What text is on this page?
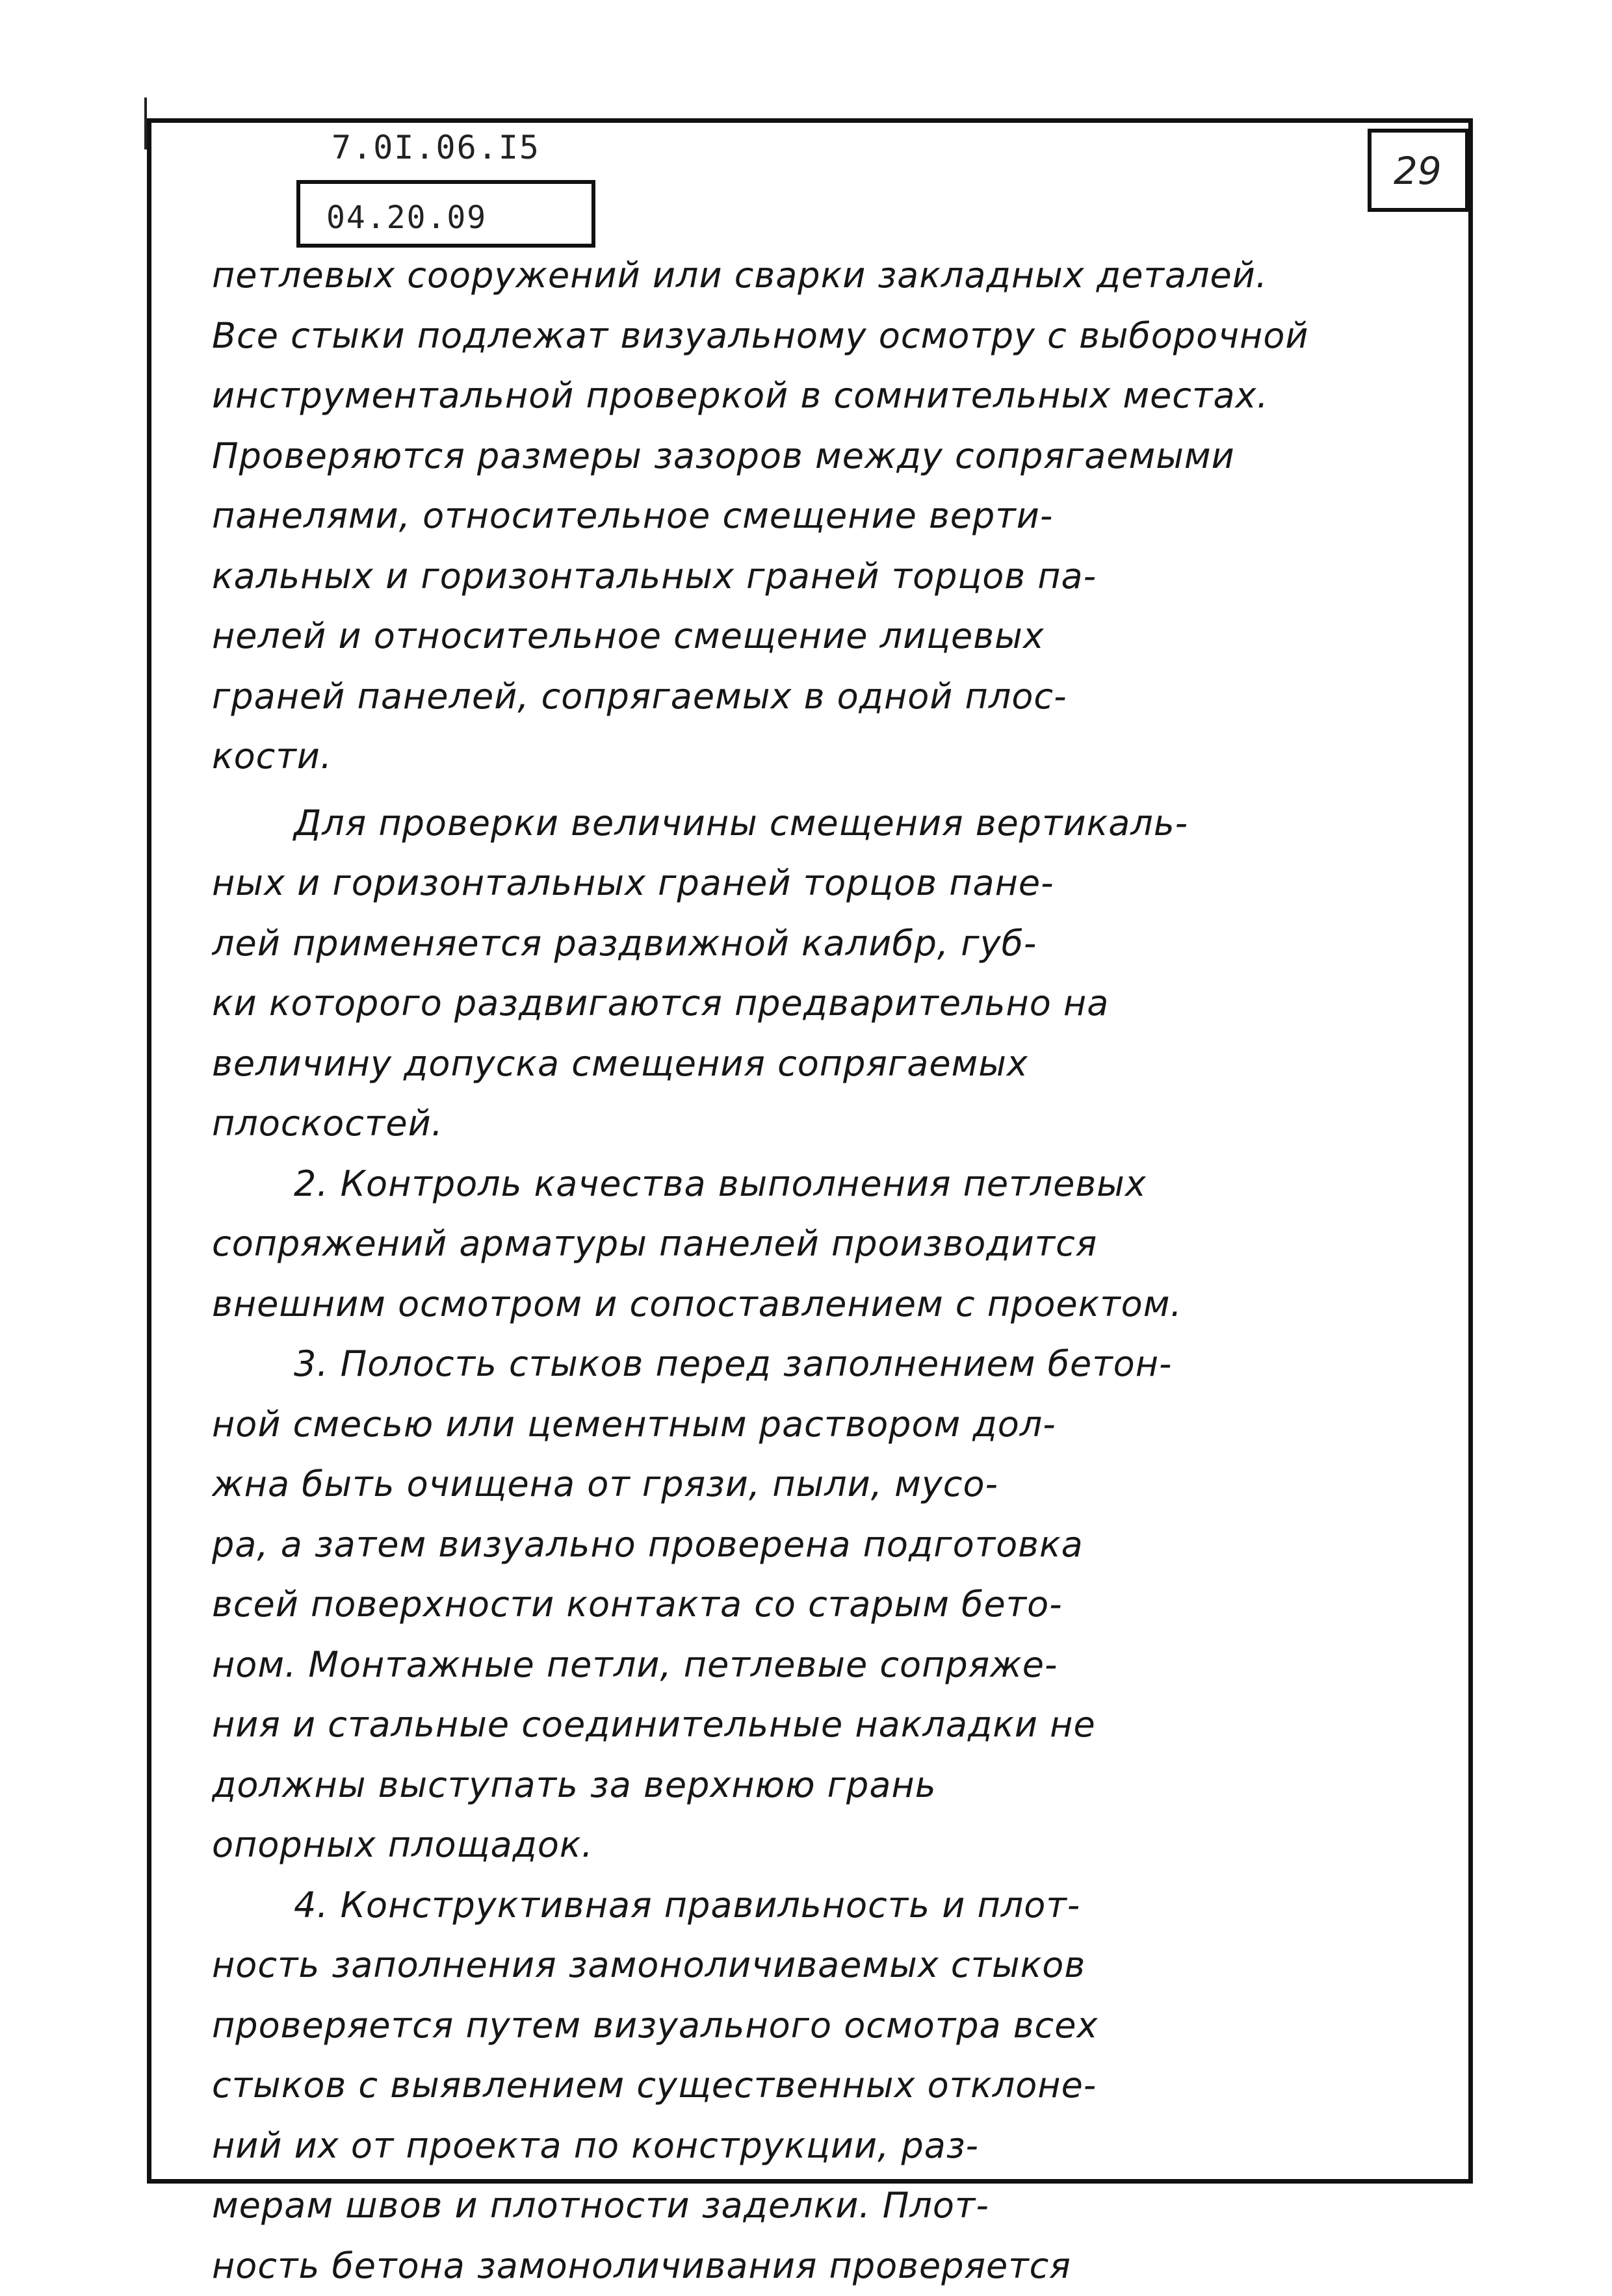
7.0I.06.I5
04.20.09
29
петлевых сооружений или сварки закладных деталей.
Все стыки подлежат визуальному осмотру с выборочной
инструментальной проверкой в сомнительных местах.
Проверяются размеры зазоров между сопрягаемыми
панелями, относительное смещение верти-
кальных и горизонтальных граней торцов па-
нелей и относительное смещение лицевых
граней панелей, сопрягаемых в одной плос-
кости.
Для проверки величины смещения вертикаль-
ных и горизонтальных граней торцов пане-
лей применяется раздвижной калибр, губ-
ки которого раздвигаются предварительно на
величину допуска смещения сопрягаемых
плоскостей.
2. Контроль качества выполнения петлевых
сопряжений арматуры панелей производится
внешним осмотром и сопоставлением с проектом.
3. Полость стыков перед заполнением бетон-
ной смесью или цементным раствором дол-
жна быть очищена от грязи, пыли, мусо-
ра, а затем визуально проверена подготовка
всей поверхности контакта со старым бето-
ном. Монтажные петли, петлевые сопряже-
ния и стальные соединительные накладки не
должны выступать за верхнюю грань
опорных площадок.
4. Конструктивная правильность и плот-
ность заполнения замоноличиваемых стыков
проверяется путем визуального осмотра всех
стыков с выявлением существенных отклоне-
ний их от проекта по конструкции, раз-
мерам швов и плотности заделки. Плот-
ность бетона замоноличивания проверяется
